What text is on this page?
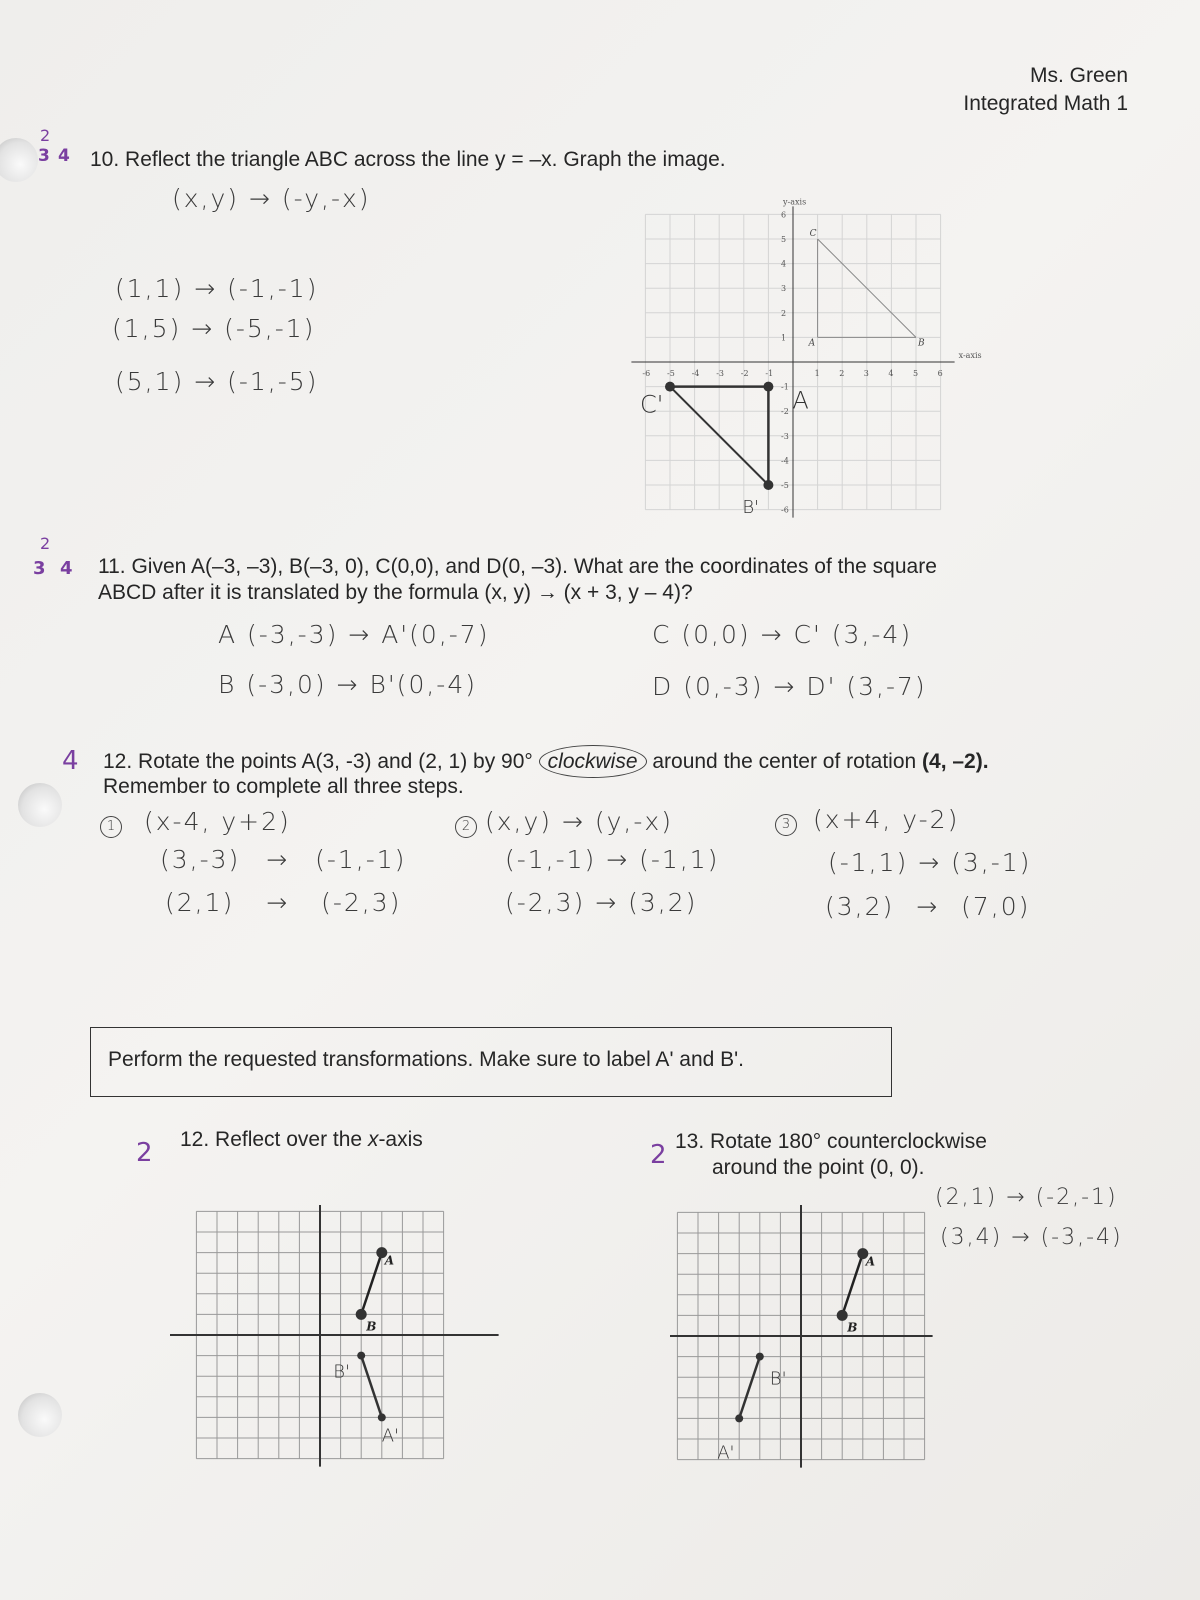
Ms. Green
Integrated Math 1
2
3 4 10. Reflect the triangle ABC across the line y = –x. Graph the image.
(x,y) → (-y,-x)
(1,1) → (-1,-1)
(1,5) → (-5,-1)
(5,1) → (-1,-5)	-6
-6
-5
-5
-4
-4
-3
-3
-2
-2
-1
-1
1
1
2
2
3
3
4
4
5
5
6
6
y-axis
x-axis
A	B
C
A
C'
B'
2
3 4 11. Given A(–3, –3), B(–3, 0), C(0,0), and D(0, –3). What are the coordinates of the square
ABCD after it is translated by the formula (x, y) → (x + 3, y – 4)?
A (-3,-3) → A'(0,-7)
B (-3,0) → B'(0,-4)
C (0,0) → C' (3,-4)
D (0,-3) → D' (3,-7)
4 12. Rotate the points A(3, -3) and (2, 1) by 90° clockwise around the center of rotation (4, –2).
Remember to complete all three steps.
1 (x-4, y+2)
(3,-3) → (-1,-1)
(2,1) → (-2,3)
2 (x,y) → (y,-x)
(-1,-1) → (-1,1)
(-2,3) → (3,2)
3 (x+4, y-2)
(-1,1) → (3,-1)
(3,2) → (7,0)
Perform the requested transformations. Make sure to label A' and B'.
2 12. Reflect over the x-axis
A
B
B'
A'
2 13. Rotate 180° counterclockwise
around the point (0, 0).
(2,1) → (-2,-1)
(3,4) → (-3,-4)
A
B
B'
A'
